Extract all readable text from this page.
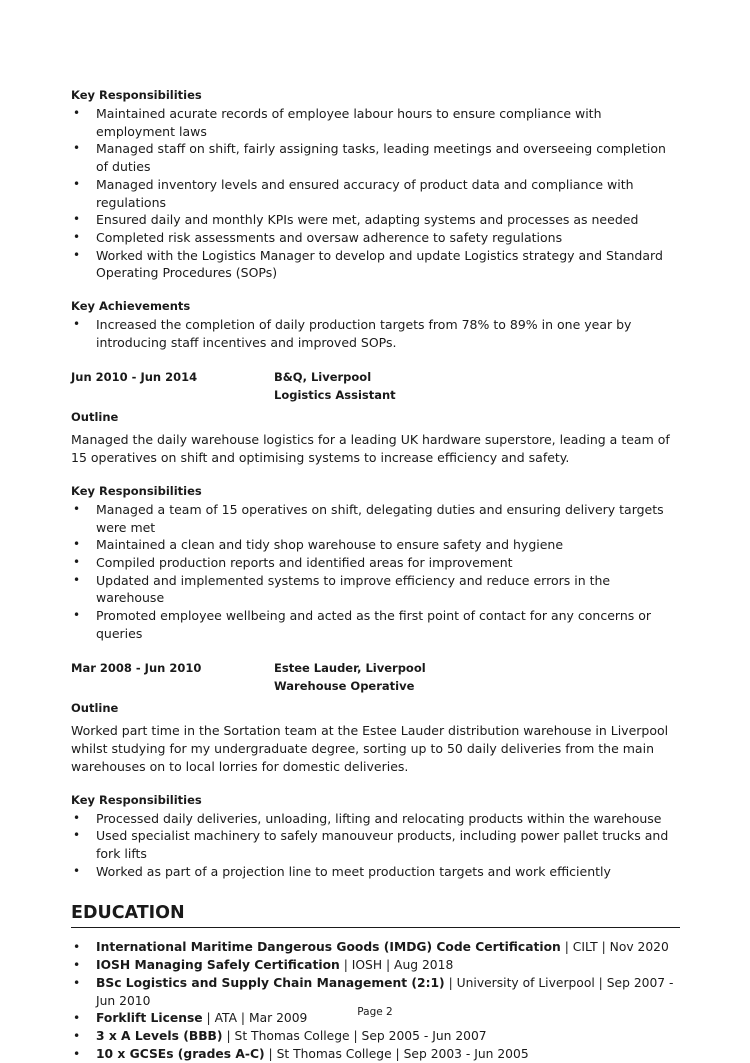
Key Responsibilities

• Maintained acurate records of employee labour hours to ensure compliance with employment laws
• Managed staff on shift, fairly assigning tasks, leading meetings and overseeing completion of duties
• Managed inventory levels and ensured accuracy of product data and compliance with regulations
• Ensured daily and monthly KPIs were met, adapting systems and processes as needed
• Completed risk assessments and oversaw adherence to safety regulations
• Worked with the Logistics Manager to develop and update Logistics strategy and Standard Operating Procedures (SOPs)

Key Achievements

• Increased the completion of daily production targets from 78% to 89% in one year by introducing staff incentives and improved SOPs.
Jun 2010 - Jun 2014	B&Q, Liverpool
Logistics Assistant

Outline

Managed the daily warehouse logistics for a leading UK hardware superstore, leading a team of 15 operatives on shift and optimising systems to increase efficiency and safety.

Key Responsibilities

• Managed a team of 15 operatives on shift, delegating duties and ensuring delivery targets were met
• Maintained a clean and tidy shop warehouse to ensure safety and hygiene
• Compiled production reports and identified areas for improvement
• Updated and implemented systems to improve efficiency and reduce errors in the warehouse
• Promoted employee wellbeing and acted as the first point of contact for any concerns or queries
Mar 2008 - Jun 2010	Estee Lauder, Liverpool
Warehouse Operative

Outline

Worked part time in the Sortation team at the Estee Lauder distribution warehouse in Liverpool whilst studying for my undergraduate degree, sorting up to 50 daily deliveries from the main warehouses on to local lorries for domestic deliveries.

Key Responsibilities

• Processed daily deliveries, unloading, lifting and relocating products within the warehouse
• Used specialist machinery to safely manouveur products, including power pallet trucks and fork lifts
• Worked as part of a projection line to meet production targets and work efficiently
EDUCATION
• International Maritime Dangerous Goods (IMDG) Code Certification | CILT | Nov 2020
• IOSH Managing Safely Certification | IOSH | Aug 2018
• BSc Logistics and Supply Chain Management (2:1) | University of Liverpool | Sep 2007 - Jun 2010
• Forklift License | ATA | Mar 2009
• 3 x A Levels (BBB) | St Thomas College | Sep 2005 - Jun 2007
• 10 x GCSEs (grades A-C) | St Thomas College | Sep 2003 - Jun 2005
Page 2
